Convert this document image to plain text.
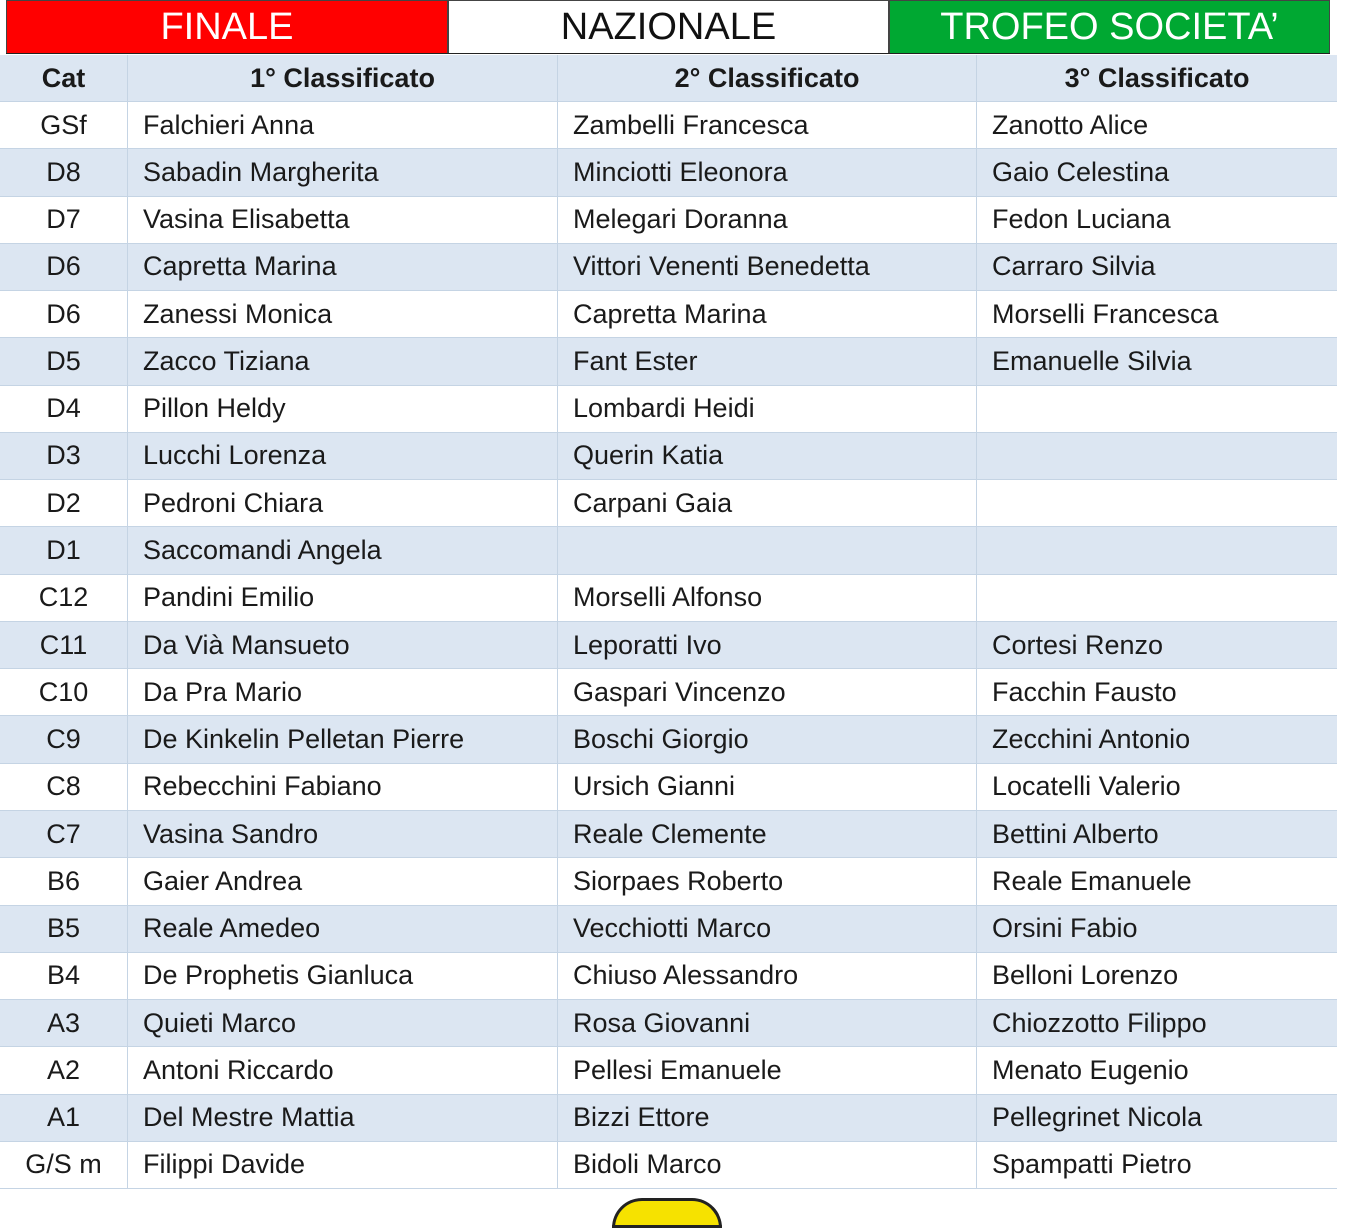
FINALE	NAZIONALE	TROFEO SOCIETA’
Cat	1° Classificato	2° Classificato	3° Classificato
GSf	Falchieri Anna	Zambelli Francesca	Zanotto Alice
D8	Sabadin Margherita	Minciotti Eleonora	Gaio Celestina
D7	Vasina Elisabetta	Melegari Doranna	Fedon Luciana
D6	Capretta Marina	Vittori Venenti Benedetta	Carraro Silvia
D6	Zanessi Monica	Capretta Marina	Morselli Francesca
D5	Zacco Tiziana	Fant Ester	Emanuelle Silvia
D4	Pillon Heldy	Lombardi Heidi
D3	Lucchi Lorenza	Querin Katia
D2	Pedroni Chiara	Carpani Gaia
D1	Saccomandi Angela
C12	Pandini Emilio	Morselli Alfonso
C11	Da Vià Mansueto	Leporatti Ivo	Cortesi Renzo
C10	Da Pra Mario	Gaspari Vincenzo	Facchin Fausto
C9	De Kinkelin Pelletan Pierre	Boschi Giorgio	Zecchini Antonio
C8	Rebecchini Fabiano	Ursich Gianni	Locatelli Valerio
C7	Vasina Sandro	Reale Clemente	Bettini Alberto
B6	Gaier Andrea	Siorpaes Roberto	Reale Emanuele
B5	Reale Amedeo	Vecchiotti Marco	Orsini Fabio
B4	De Prophetis Gianluca	Chiuso Alessandro	Belloni Lorenzo
A3	Quieti Marco	Rosa Giovanni	Chiozzotto Filippo
A2	Antoni Riccardo	Pellesi Emanuele	Menato Eugenio
A1	Del Mestre Mattia	Bizzi Ettore	Pellegrinet Nicola
G/S m	Filippi Davide	Bidoli Marco	Spampatti Pietro
